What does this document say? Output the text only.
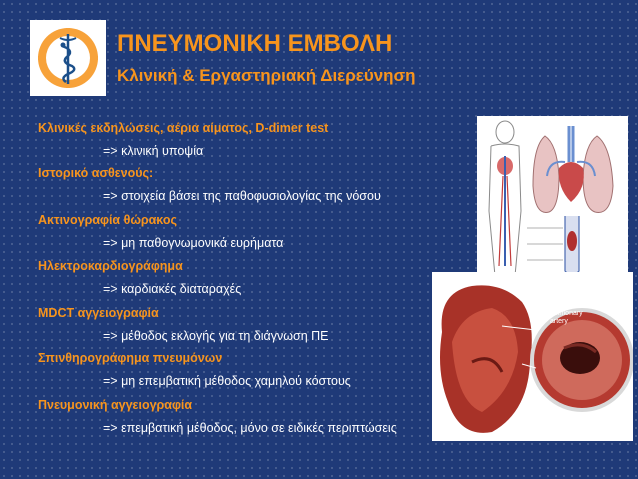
ΠΝΕΥΜΟΝΙΚΗ ΕΜΒΟΛΗ
Κλινική & Εργαστηριακή Διερεύνηση
Κλινικές εκδηλώσεις, αέρια αίματος, D-dimer test
=> κλινική υποψία
Ιστορικό ασθενούς:
=> στοιχεία βάσει της παθοφυσιολογίας της νόσου
Ακτινογραφία θώρακος
=> μη παθογνωμονικά ευρήματα
Ηλεκτροκαρδιογράφημα
=> καρδιακές διαταραχές
MDCT αγγειογραφία
=> μέθοδος εκλογής για τη διάγνωση ΠΕ
Σπινθηρογράφημα πνευμόνων
=> μη επεμβατική μέθοδος χαμηλού κόστους
Πνευμονική αγγειογραφία
=> επεμβατική μέθοδος, μόνο σε ειδικές περιπτώσεις
Blood clots in pulmonary artery
